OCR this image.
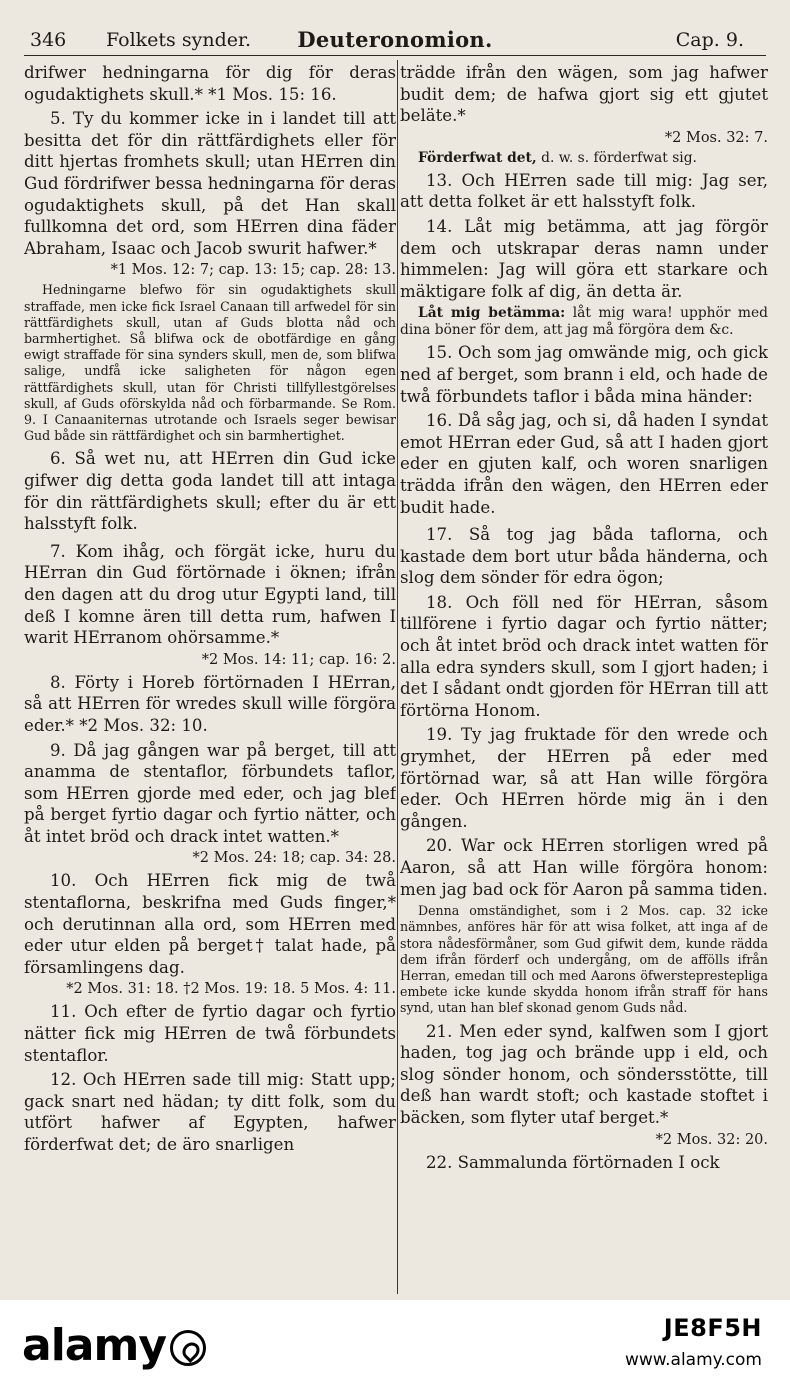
346 Folkets synder.	Deuteronomion.	Cap. 9.

drifwer hedningarna för dig för deras ogudaktighets skull.* *1 Mos. 15: 16.

5. Ty du kommer icke in i landet till att besitta det för din rättfärdighets eller för ditt hjertas fromhets skull; utan HErren din Gud fördrifwer bessa hedningarna för deras ogudaktighets skull, på det Han skall fullkomna det ord, som HErren dina fäder Abraham, Isaac och Jacob swurit hafwer.*

*1 Mos. 12: 7; cap. 13: 15; cap. 28: 13.

Hedningarne blefwo för sin ogudaktighets skull straffade, men icke fick Israel Canaan till arfwedel för sin rättfärdighets skull, utan af Guds blotta nåd och barmhertighet. Så blifwa ock de obotfärdige en gång ewigt straffade för sina synders skull, men de, som blifwa salige, undfå icke saligheten för någon egen rättfärdighets skull, utan för Christi tillfyllestgörelses skull, af Guds oförskylda nåd och förbarmande. Se Rom. 9. I Canaaniternas utrotande och Israels seger bewisar Gud både sin rättfärdighet och sin barmhertighet.

6. Så wet nu, att HErren din Gud icke gifwer dig detta goda landet till att intaga för din rättfärdighets skull; efter du är ett halsstyft folk.

7. Kom ihåg, och förgät icke, huru du HErran din Gud förtörnade i öknen; ifrån den dagen att du drog utur Egypti land, till deß I komne ären till detta rum, hafwen I warit HErranom ohörsamme.*

*2 Mos. 14: 11; cap. 16: 2.

8. Förty i Horeb förtörnaden I HErran, så att HErren för wredes skull wille förgöra eder.* *2 Mos. 32: 10.

9. Då jag gången war på berget, till att anamma de stentaflor, förbundets taflor, som HErren gjorde med eder, och jag blef på berget fyrtio dagar och fyrtio nätter, och åt intet bröd och drack intet watten.*

*2 Mos. 24: 18; cap. 34: 28.

10. Och HErren fick mig de twå stentaflorna, beskrifna med Guds finger,* och derutinnan alla ord, som HErren med eder utur elden på berget† talat hade, på församlingens dag.

*2 Mos. 31: 18. †2 Mos. 19: 18. 5 Mos. 4: 11.

11. Och efter de fyrtio dagar och fyrtio nätter fick mig HErren de twå förbundets stentaflor.

12. Och HErren sade till mig: Statt upp; gack snart ned hädan; ty ditt folk, som du utfört hafwer af Egypten, hafwer förderfwat det; de äro snarligen

trädde ifrån den wägen, som jag hafwer budit dem; de hafwa gjort sig ett gjutet beläte.*

*2 Mos. 32: 7.

Förderfwat det, d. w. s. förderfwat sig.

13. Och HErren sade till mig: Jag ser, att detta folket är ett halsstyft folk.

14. Låt mig betämma, att jag förgör dem och utskrapar deras namn under himmelen: Jag will göra ett starkare och mäktigare folk af dig, än detta är.

Låt mig betämma: låt mig wara! upphör med dina böner för dem, att jag må förgöra dem &c.

15. Och som jag omwände mig, och gick ned af berget, som brann i eld, och hade de twå förbundets taflor i båda mina händer:

16. Då såg jag, och si, då haden I syndat emot HErran eder Gud, så att I haden gjort eder en gjuten kalf, och woren snarligen trädda ifrån den wägen, den HErren eder budit hade.

17. Så tog jag båda taflorna, och kastade dem bort utur båda händerna, och slog dem sönder för edra ögon;

18. Och föll ned för HErran, såsom tillförene i fyrtio dagar och fyrtio nätter; och åt intet bröd och drack intet watten för alla edra synders skull, som I gjort haden; i det I sådant ondt gjorden för HErran till att förtörna Honom.

19. Ty jag fruktade för den wrede och grymhet, der HErren på eder med förtörnad war, så att Han wille förgöra eder. Och HErren hörde mig än i den gången.

20. War ock HErren storligen wred på Aaron, så att Han wille förgöra honom: men jag bad ock för Aaron på samma tiden.

Denna omständighet, som i 2 Mos. cap. 32 icke nämnbes, anföres här för att wisa folket, att inga af de stora nådesförmåner, som Gud gifwit dem, kunde rädda dem ifrån förderf och undergång, om de affölls ifrån Herran, emedan till och med Aarons öfwersteprestерliga embete icke kunde skydda honom ifrån straff för hans synd, utan han blef skonad genom Guds nåd.

21. Men eder synd, kalfwen som I gjort haden, tog jag och brände upp i eld, och slog sönder honom, och söndersstötte, till deß han wardt stoft; och kastade stoftet i bäcken, som flyter utaf berget.*

*2 Mos. 32: 20.

22. Sammalunda förtörnaden I ock

alamy	JE8F5H
www.alamy.com
